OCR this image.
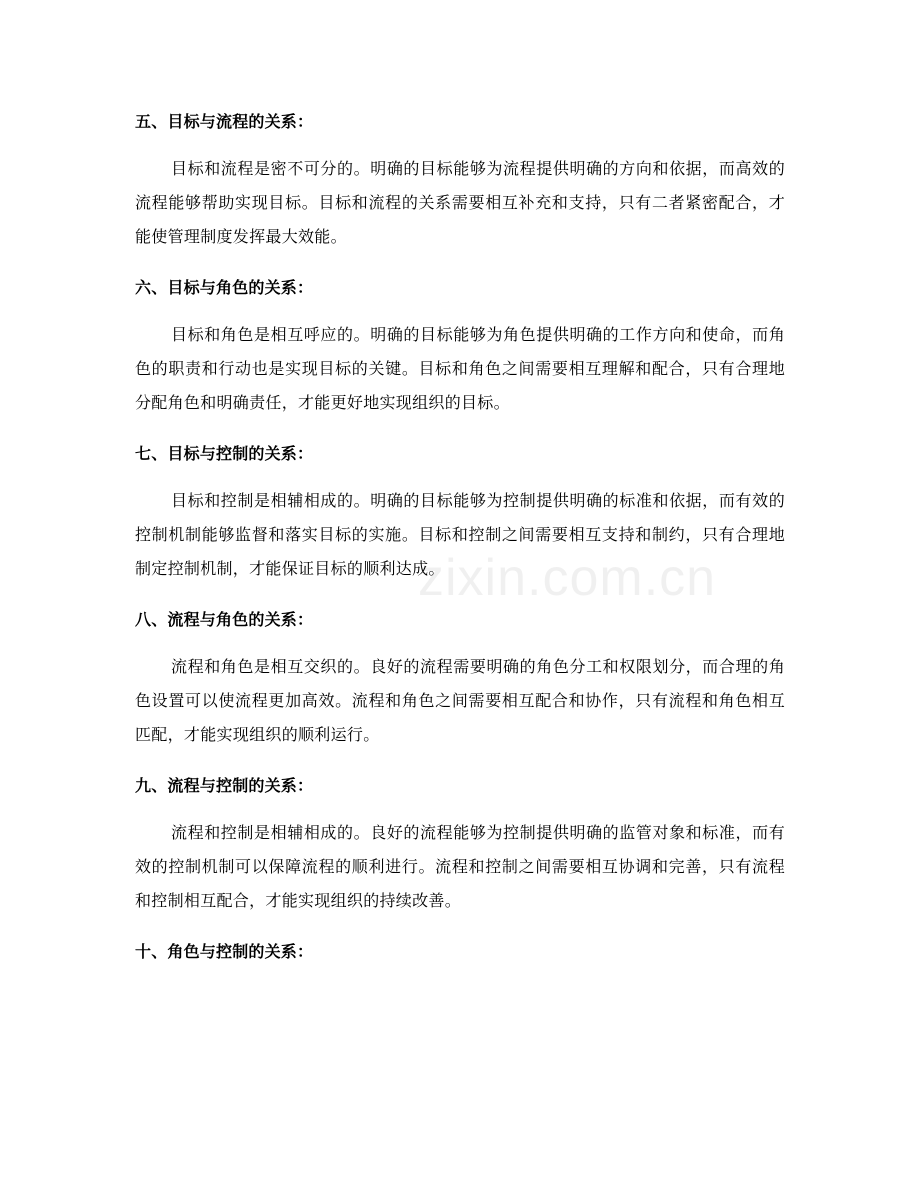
五、目标与流程的关系：

目标和流程是密不可分的。明确的目标能够为流程提供明确的方向和依据，而高效的流程能够帮助实现目标。目标和流程的关系需要相互补充和支持，只有二者紧密配合，才能使管理制度发挥最大效能。

六、目标与角色的关系：

目标和角色是相互呼应的。明确的目标能够为角色提供明确的工作方向和使命，而角色的职责和行动也是实现目标的关键。目标和角色之间需要相互理解和配合，只有合理地分配角色和明确责任，才能更好地实现组织的目标。

七、目标与控制的关系：

目标和控制是相辅相成的。明确的目标能够为控制提供明确的标准和依据，而有效的控制机制能够监督和落实目标的实施。目标和控制之间需要相互支持和制约，只有合理地制定控制机制，才能保证目标的顺利达成。

八、流程与角色的关系：

流程和角色是相互交织的。良好的流程需要明确的角色分工和权限划分，而合理的角色设置可以使流程更加高效。流程和角色之间需要相互配合和协作，只有流程和角色相互匹配，才能实现组织的顺利运行。

九、流程与控制的关系：

流程和控制是相辅相成的。良好的流程能够为控制提供明确的监管对象和标准，而有效的控制机制可以保障流程的顺利进行。流程和控制之间需要相互协调和完善，只有流程和控制相互配合，才能实现组织的持续改善。

十、角色与控制的关系：
zixin.com.cn
